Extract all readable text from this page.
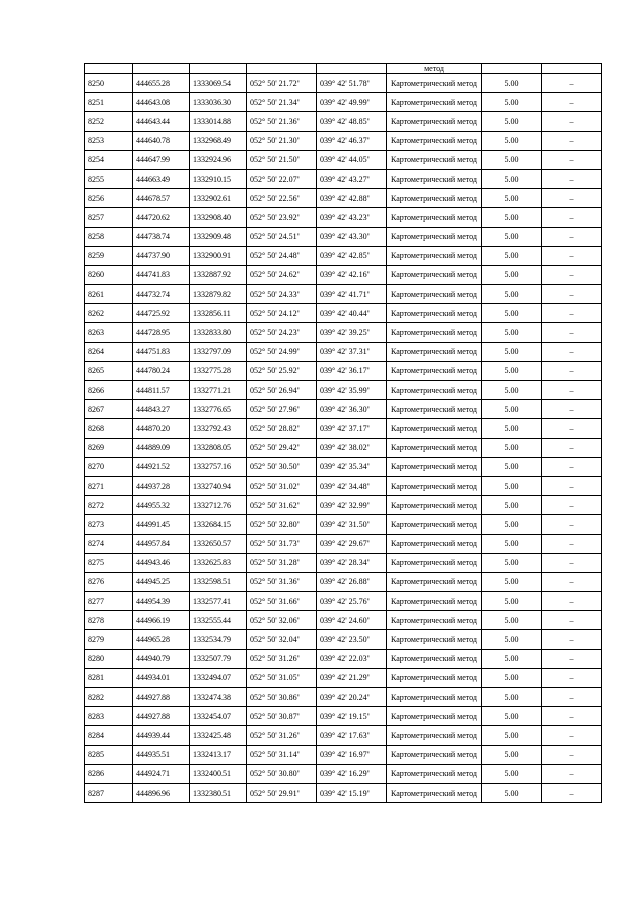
					метод		
8250	444655.28	1333069.54	052° 50' 21.72"	039° 42' 51.78"	Картометрический метод	5.00	–
8251	444643.08	1333036.30	052° 50' 21.34"	039° 42' 49.99"	Картометрический метод	5.00	–
8252	444643.44	1333014.88	052° 50' 21.36"	039° 42' 48.85"	Картометрический метод	5.00	–
8253	444640.78	1332968.49	052° 50' 21.30"	039° 42' 46.37"	Картометрический метод	5.00	–
8254	444647.99	1332924.96	052° 50' 21.50"	039° 42' 44.05"	Картометрический метод	5.00	–
8255	444663.49	1332910.15	052° 50' 22.07"	039° 42' 43.27"	Картометрический метод	5.00	–
8256	444678.57	1332902.61	052° 50' 22.56"	039° 42' 42.88"	Картометрический метод	5.00	–
8257	444720.62	1332908.40	052° 50' 23.92"	039° 42' 43.23"	Картометрический метод	5.00	–
8258	444738.74	1332909.48	052° 50' 24.51"	039° 42' 43.30"	Картометрический метод	5.00	–
8259	444737.90	1332900.91	052° 50' 24.48"	039° 42' 42.85"	Картометрический метод	5.00	–
8260	444741.83	1332887.92	052° 50' 24.62"	039° 42' 42.16"	Картометрический метод	5.00	–
8261	444732.74	1332879.82	052° 50' 24.33"	039° 42' 41.71"	Картометрический метод	5.00	–
8262	444725.92	1332856.11	052° 50' 24.12"	039° 42' 40.44"	Картометрический метод	5.00	–
8263	444728.95	1332833.80	052° 50' 24.23"	039° 42' 39.25"	Картометрический метод	5.00	–
8264	444751.83	1332797.09	052° 50' 24.99"	039° 42' 37.31"	Картометрический метод	5.00	–
8265	444780.24	1332775.28	052° 50' 25.92"	039° 42' 36.17"	Картометрический метод	5.00	–
8266	444811.57	1332771.21	052° 50' 26.94"	039° 42' 35.99"	Картометрический метод	5.00	–
8267	444843.27	1332776.65	052° 50' 27.96"	039° 42' 36.30"	Картометрический метод	5.00	–
8268	444870.20	1332792.43	052° 50' 28.82"	039° 42' 37.17"	Картометрический метод	5.00	–
8269	444889.09	1332808.05	052° 50' 29.42"	039° 42' 38.02"	Картометрический метод	5.00	–
8270	444921.52	1332757.16	052° 50' 30.50"	039° 42' 35.34"	Картометрический метод	5.00	–
8271	444937.28	1332740.94	052° 50' 31.02"	039° 42' 34.48"	Картометрический метод	5.00	–
8272	444955.32	1332712.76	052° 50' 31.62"	039° 42' 32.99"	Картометрический метод	5.00	–
8273	444991.45	1332684.15	052° 50' 32.80"	039° 42' 31.50"	Картометрический метод	5.00	–
8274	444957.84	1332650.57	052° 50' 31.73"	039° 42' 29.67"	Картометрический метод	5.00	–
8275	444943.46	1332625.83	052° 50' 31.28"	039° 42' 28.34"	Картометрический метод	5.00	–
8276	444945.25	1332598.51	052° 50' 31.36"	039° 42' 26.88"	Картометрический метод	5.00	–
8277	444954.39	1332577.41	052° 50' 31.66"	039° 42' 25.76"	Картометрический метод	5.00	–
8278	444966.19	1332555.44	052° 50' 32.06"	039° 42' 24.60"	Картометрический метод	5.00	–
8279	444965.28	1332534.79	052° 50' 32.04"	039° 42' 23.50"	Картометрический метод	5.00	–
8280	444940.79	1332507.79	052° 50' 31.26"	039° 42' 22.03"	Картометрический метод	5.00	–
8281	444934.01	1332494.07	052° 50' 31.05"	039° 42' 21.29"	Картометрический метод	5.00	–
8282	444927.88	1332474.38	052° 50' 30.86"	039° 42' 20.24"	Картометрический метод	5.00	–
8283	444927.88	1332454.07	052° 50' 30.87"	039° 42' 19.15"	Картометрический метод	5.00	–
8284	444939.44	1332425.48	052° 50' 31.26"	039° 42' 17.63"	Картометрический метод	5.00	–
8285	444935.51	1332413.17	052° 50' 31.14"	039° 42' 16.97"	Картометрический метод	5.00	–
8286	444924.71	1332400.51	052° 50' 30.80"	039° 42' 16.29"	Картометрический метод	5.00	–
8287	444896.96	1332380.51	052° 50' 29.91"	039° 42' 15.19"	Картометрический метод	5.00	–
